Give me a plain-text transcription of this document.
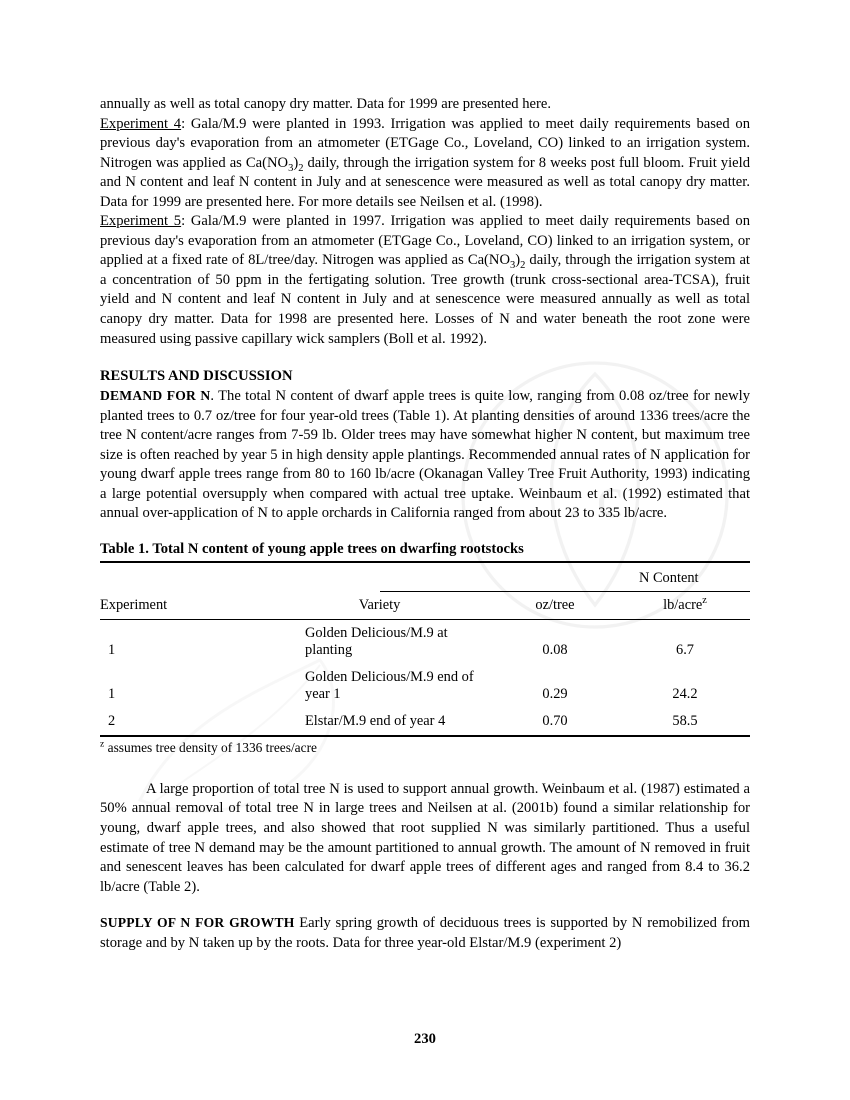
. c

annually as well as total canopy dry matter. Data for 1999 are presented here.

Experiment 4: Gala/M.9 were planted in 1993. Irrigation was applied to meet daily requirements based on previous day's evaporation from an atmometer (ETGage Co., Loveland, CO) linked to an irrigation system. Nitrogen was applied as $Ca(NO_3)_2$ daily, through the irrigation system for 8 weeks post full bloom. Fruit yield and N content and leaf N content in July and at senescence were measured as well as total canopy dry matter. Data for 1999 are presented here. For more details see Neilsen et al. (1998).

Experiment 5: Gala/M.9 were planted in 1997. Irrigation was applied to meet daily requirements based on previous day's evaporation from an atmometer (ETGage Co., Loveland, CO) linked to an irrigation system, or applied at a fixed rate of 8L/tree/day. Nitrogen was applied as $Ca(NO_3)_2$ daily, through the irrigation system at a concentration of 50 ppm in the fertigating solution. Tree growth (trunk cross-sectional area-TCSA), fruit yield and N content and leaf N content in July and at senescence were measured annually as well as total canopy dry matter. Data for 1998 are presented here. Losses of N and water beneath the root zone were measured using passive capillary wick samplers (Boll et al. 1992).

RESULTS AND DISCUSSION

DEMAND FOR N. The total N content of dwarf apple trees is quite low, ranging from 0.08 oz/tree for newly planted trees to 0.7 oz/tree for four year-old trees (Table 1). At planting densities of around 1336 trees/acre the tree N content/acre ranges from 7-59 lb. Older trees may have somewhat higher N content, but maximum tree size is often reached by year 5 in high density apple plantings. Recommended annual rates of N application for young dwarf apple trees range from 80 to 160 lb/acre (Okanagan Valley Tree Fruit Authority, 1993) indicating a large potential oversupply when compared with actual tree uptake. Weinbaum et al. (1992) estimated that annual over-application of N to apple orchards in California ranged from about 23 to 335 lb/acre.

Table 1. Total N content of young apple trees on dwarfing rootstocks
		N Content
Experiment	Variety	oz/tree	lb/acre$^z$
1	Golden Delicious/M.9 at planting	0.08	6.7
1	Golden Delicious/M.9 end of year 1	0.29	24.2
2	Elstar/M.9 end of year 4	0.70	58.5
$^z$ assumes tree density of 1336 trees/acre

A large proportion of total tree N is used to support annual growth. Weinbaum et al. (1987) estimated a 50% annual removal of total tree N in large trees and Neilsen at al. (2001b) found a similar relationship for young, dwarf apple trees, and also showed that root supplied N was similarly partitioned. Thus a useful estimate of tree N demand may be the amount partitioned to annual growth. The amount of N removed in fruit and senescent leaves has been calculated for dwarf apple trees of different ages and ranged from 8.4 to 36.2 lb/acre (Table 2).

SUPPLY OF N FOR GROWTH Early spring growth of deciduous trees is supported by N remobilized from storage and by N taken up by the roots. Data for three year-old Elstar/M.9 (experiment 2)

230
